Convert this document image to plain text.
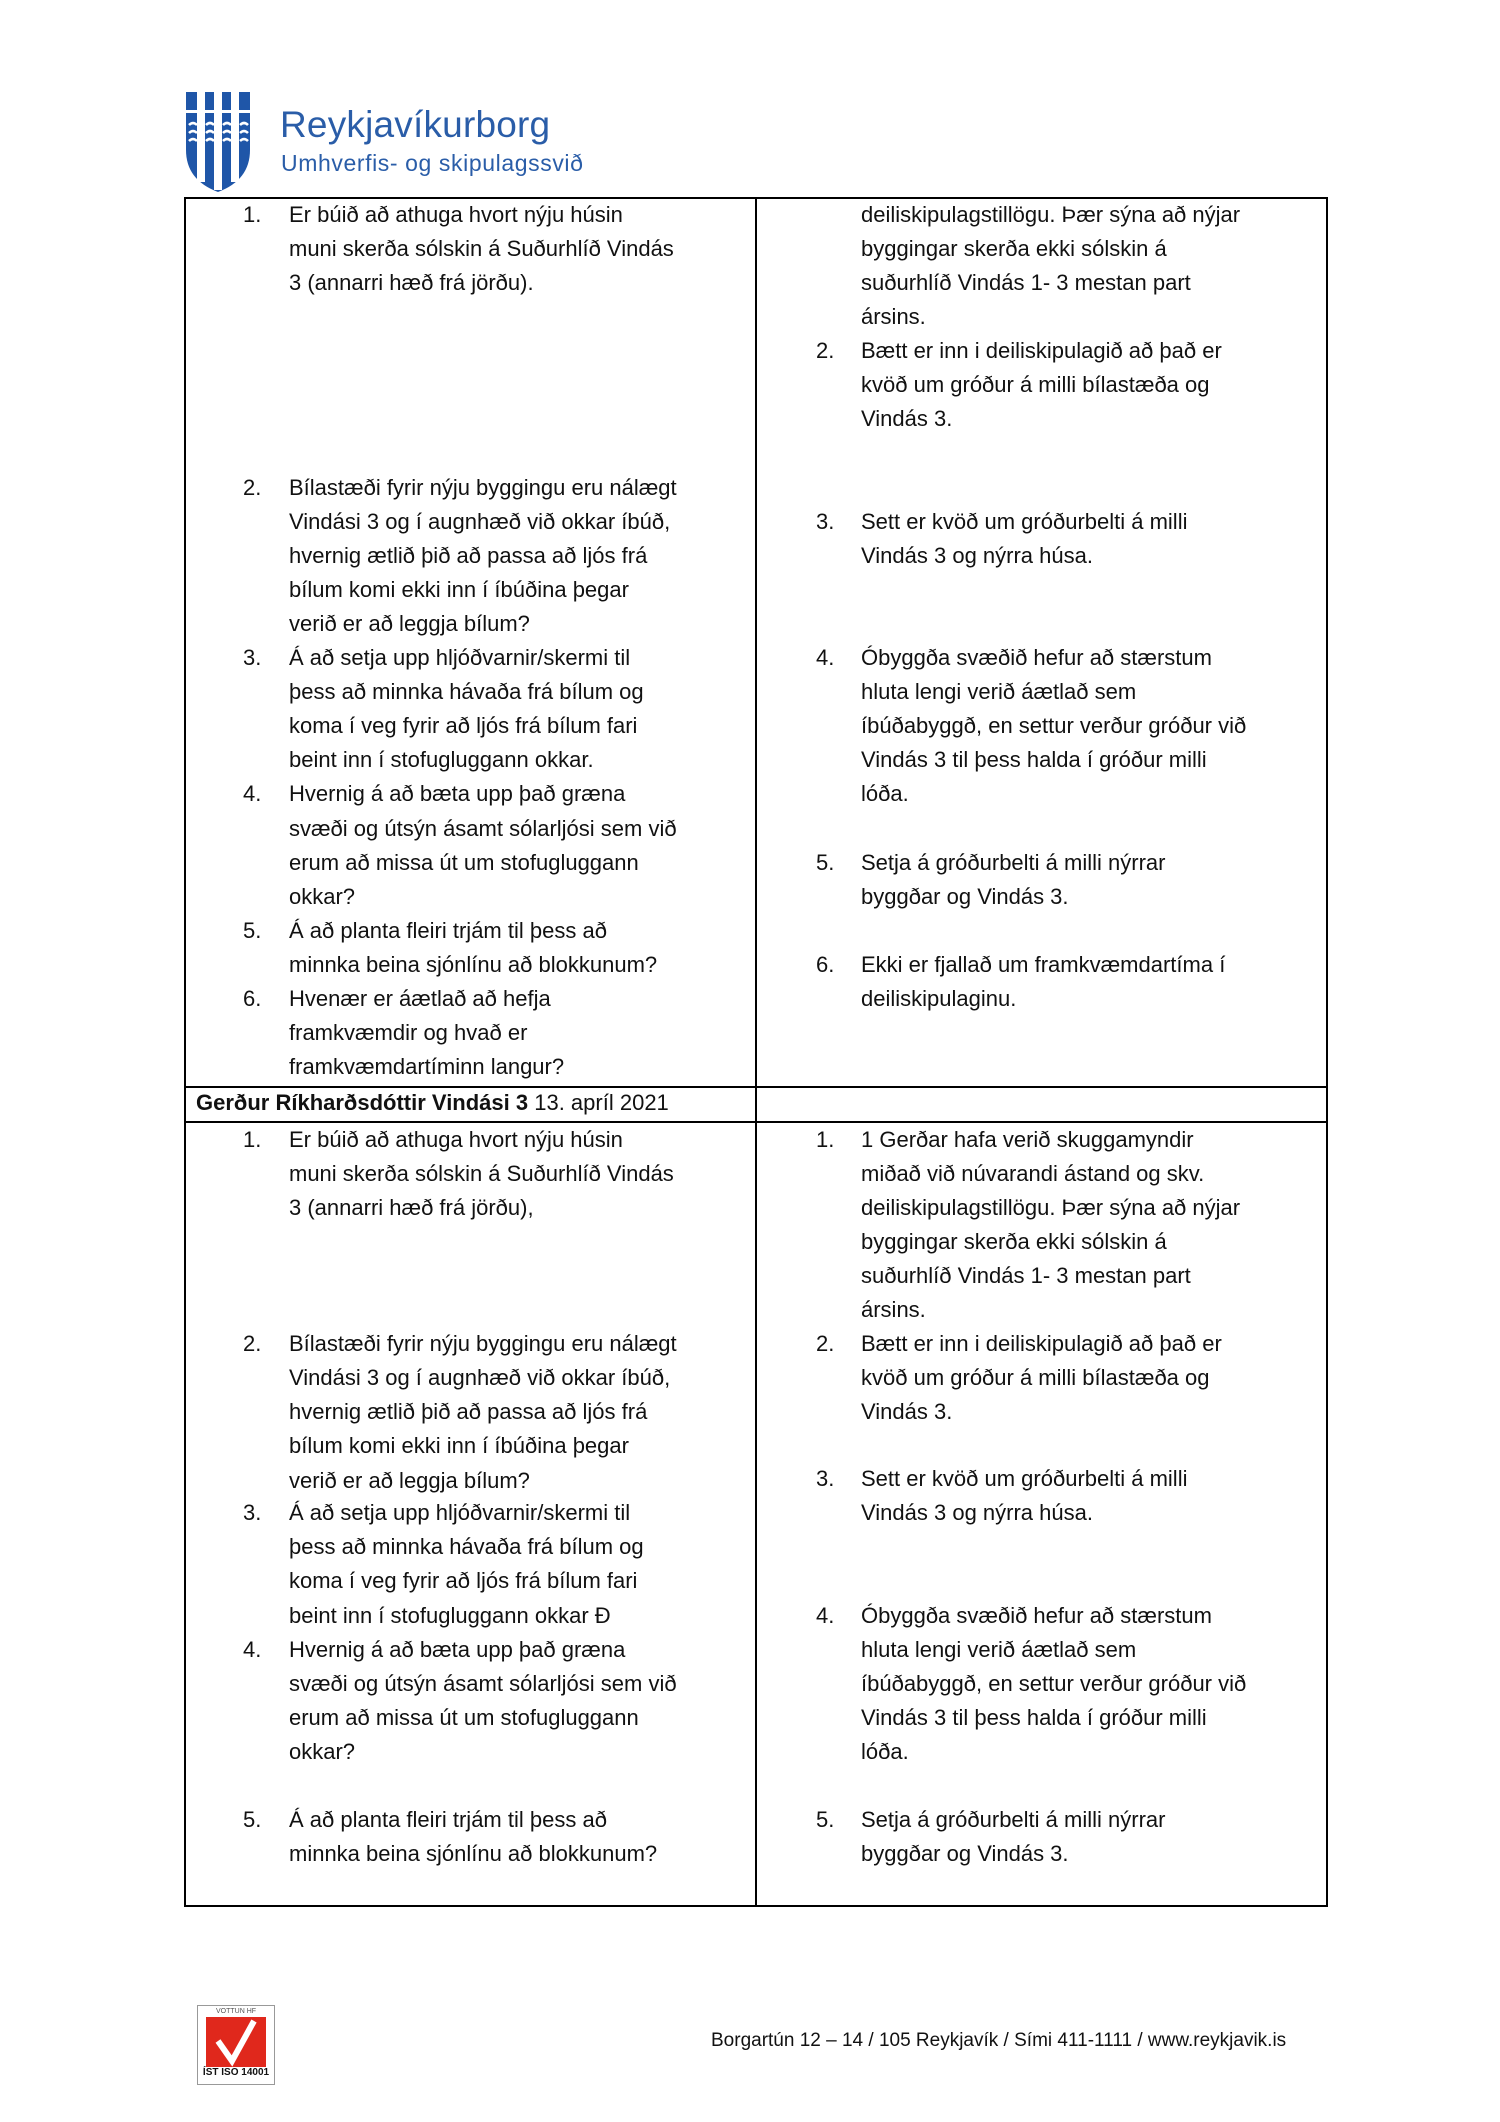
Reykjavíkurborg
Umhverfis- og skipulagssvið
Gerður Ríkharðsdóttir Vindási 3 13. apríl 2021
1. Er búið að athuga hvort nýju húsin
muni skerða sólskin á Suðurhlíð Vindás
3 (annarri hæð frá jörðu).
2. Bílastæði fyrir nýju byggingu eru nálægt
Vindási 3 og í augnhæð við okkar íbúð,
hvernig ætlið þið að passa að ljós frá
bílum komi ekki inn í íbúðina þegar
verið er að leggja bílum?
3. Á að setja upp hljóðvarnir/skermi til
þess að minnka hávaða frá bílum og
koma í veg fyrir að ljós frá bílum fari
beint inn í stofugluggann okkar.
4. Hvernig á að bæta upp það græna
svæði og útsýn ásamt sólarljósi sem við
erum að missa út um stofugluggann
okkar?
5. Á að planta fleiri trjám til þess að
minnka beina sjónlínu að blokkunum?
6. Hvenær er áætlað að hefja
framkvæmdir og hvað er
framkvæmdartíminn langur?
deiliskipulagstillögu. Þær sýna að nýjar
byggingar skerða ekki sólskin á
suðurhlíð Vindás 1- 3 mestan part
ársins.
2. Bætt er inn i deiliskipulagið að það er
kvöð um gróður á milli bílastæða og
Vindás 3.
3. Sett er kvöð um gróðurbelti á milli
Vindás 3 og nýrra húsa.
4. Óbyggða svæðið hefur að stærstum
hluta lengi verið áætlað sem
íbúðabyggð, en settur verður gróður við
Vindás 3 til þess halda í gróður milli
lóða.
5. Setja á gróðurbelti á milli nýrrar
byggðar og Vindás 3.
6. Ekki er fjallað um framkvæmdartíma í
deiliskipulaginu.
1. Er búið að athuga hvort nýju húsin
muni skerða sólskin á Suðurhlíð Vindás
3 (annarri hæð frá jörðu),
2. Bílastæði fyrir nýju byggingu eru nálægt
Vindási 3 og í augnhæð við okkar íbúð,
hvernig ætlið þið að passa að ljós frá
bílum komi ekki inn í íbúðina þegar
verið er að leggja bílum?
3. Á að setja upp hljóðvarnir/skermi til
þess að minnka hávaða frá bílum og
koma í veg fyrir að ljós frá bílum fari
beint inn í stofugluggann okkar Ð
4. Hvernig á að bæta upp það græna
svæði og útsýn ásamt sólarljósi sem við
erum að missa út um stofugluggann
okkar?
5. Á að planta fleiri trjám til þess að
minnka beina sjónlínu að blokkunum?
1. 1 Gerðar hafa verið skuggamyndir
miðað við núvarandi ástand og skv.
deiliskipulagstillögu. Þær sýna að nýjar
byggingar skerða ekki sólskin á
suðurhlíð Vindás 1- 3 mestan part
ársins.
2. Bætt er inn i deiliskipulagið að það er
kvöð um gróður á milli bílastæða og
Vindás 3.
3. Sett er kvöð um gróðurbelti á milli
Vindás 3 og nýrra húsa.
4. Óbyggða svæðið hefur að stærstum
hluta lengi verið áætlað sem
íbúðabyggð, en settur verður gróður við
Vindás 3 til þess halda í gróður milli
lóða.
5. Setja á gróðurbelti á milli nýrrar
byggðar og Vindás 3.
VOTTUN HF
ÍST ISO 14001
Borgartún 12 – 14 / 105 Reykjavík / Sími 411-1111 / www.reykjavik.is
